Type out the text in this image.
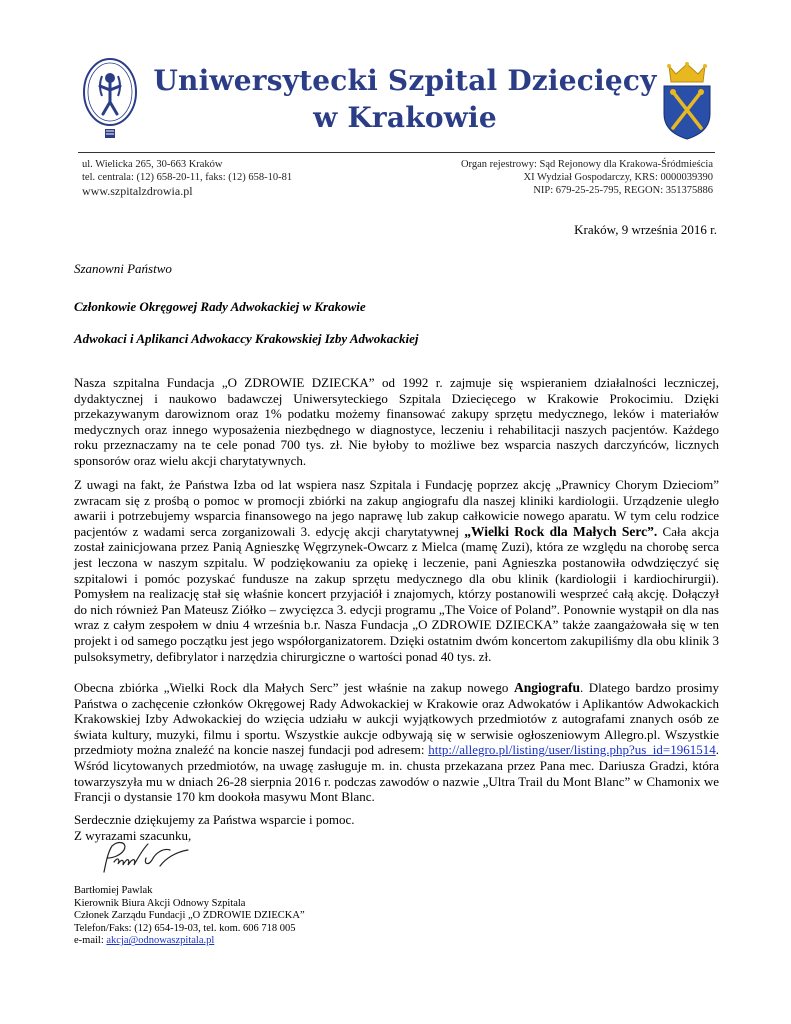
Uniwersytecki Szpital Dziecięcy
w Krakowie
ul. Wielicka 265, 30-663 Kraków
tel. centrala: (12) 658-20-11, faks: (12) 658-10-81
www.szpitalzdrowia.pl
Organ rejestrowy: Sąd Rejonowy dla Krakowa-Śródmieścia
XI Wydział Gospodarczy, KRS: 0000039390
NIP: 679-25-25-795, REGON: 351375886
Kraków, 9 września 2016 r.
Szanowni Państwo
Członkowie Okręgowej Rady Adwokackiej w Krakowie
Adwokaci i Aplikanci Adwokaccy Krakowskiej Izby Adwokackiej
Nasza szpitalna Fundacja „O ZDROWIE DZIECKA” od 1992 r. zajmuje się wspieraniem działalności leczniczej, dydaktycznej i naukowo badawczej Uniwersyteckiego Szpitala Dziecięcego w Krakowie Prokocimiu. Dzięki przekazywanym darowiznom oraz 1% podatku możemy finansować zakupy sprzętu medycznego, leków i materiałów medycznych oraz innego wyposażenia niezbędnego w diagnostyce, leczeniu i rehabilitacji naszych pacjentów. Każdego roku przeznaczamy na te cele ponad 700 tys. zł. Nie byłoby to możliwe bez wsparcia naszych darczyńców, licznych sponsorów oraz wielu akcji charytatywnych.
Z uwagi na fakt, że Państwa Izba od lat wspiera nasz Szpitala i Fundację poprzez akcję „Prawnicy Chorym Dzieciom” zwracam się z prośbą o pomoc w promocji zbiórki na zakup angiografu dla naszej kliniki kardiologii. Urządzenie uległo awarii i potrzebujemy wsparcia finansowego na jego naprawę lub zakup całkowicie nowego aparatu. W tym celu rodzice pacjentów z wadami serca zorganizowali 3. edycję akcji charytatywnej „Wielki Rock dla Małych Serc”. Cała akcja został zainicjowana przez Panią Agnieszkę Węgrzynek-Owcarz z Mielca (mamę Zuzi), która ze względu na chorobę serca jest leczona w naszym szpitalu. W podziękowaniu za opiekę i leczenie, pani Agnieszka postanowiła odwdzięczyć się szpitalowi i pomóc pozyskać fundusze na zakup sprzętu medycznego dla obu klinik (kardiologii i kardiochirurgii). Pomysłem na realizację stał się właśnie koncert przyjaciół i znajomych, którzy postanowili wesprzeć całą akcję. Dołączył do nich również Pan Mateusz Ziółko – zwycięzca 3. edycji programu „The Voice of Poland”. Ponownie wystąpił on dla nas wraz z całym zespołem w dniu 4 września b.r. Nasza Fundacja „O ZDROWIE DZIECKA” także zaangażowała się w ten projekt i od samego początku jest jego współorganizatorem. Dzięki ostatnim dwóm koncertom zakupiliśmy dla obu klinik 3 pulsoksymetry, defibrylator i narzędzia chirurgiczne o wartości ponad 40 tys. zł.
Obecna zbiórka „Wielki Rock dla Małych Serc” jest właśnie na zakup nowego Angiografu. Dlatego bardzo prosimy Państwa o zachęcenie członków Okręgowej Rady Adwokackiej w Krakowie oraz Adwokatów i Aplikantów Adwokackich Krakowskiej Izby Adwokackiej do wzięcia udziału w aukcji wyjątkowych przedmiotów z autografami znanych osób ze świata kultury, muzyki, filmu i sportu. Wszystkie aukcje odbywają się w serwisie ogłoszeniowym Allegro.pl. Wszystkie przedmioty można znaleźć na koncie naszej fundacji pod adresem: http://allegro.pl/listing/user/listing.php?us_id=1961514. Wśród licytowanych przedmiotów, na uwagę zasługuje m. in. chusta przekazana przez Pana mec. Dariusza Gradzi, która towarzyszyła mu w dniach 26-28 sierpnia 2016 r. podczas zawodów o nazwie „Ultra Trail du Mont Blanc” w Chamonix we Francji o dystansie 170 km dookoła masywu Mont Blanc.
Serdecznie dziękujemy za Państwa wsparcie i pomoc.
Z wyrazami szacunku,
Bartłomiej Pawlak
Kierownik Biura Akcji Odnowy Szpitala
Członek Zarządu Fundacji „O ZDROWIE DZIECKA”
Telefon/Faks: (12) 654-19-03, tel. kom. 606 718 005
e-mail: akcja@odnowaszpitala.pl
